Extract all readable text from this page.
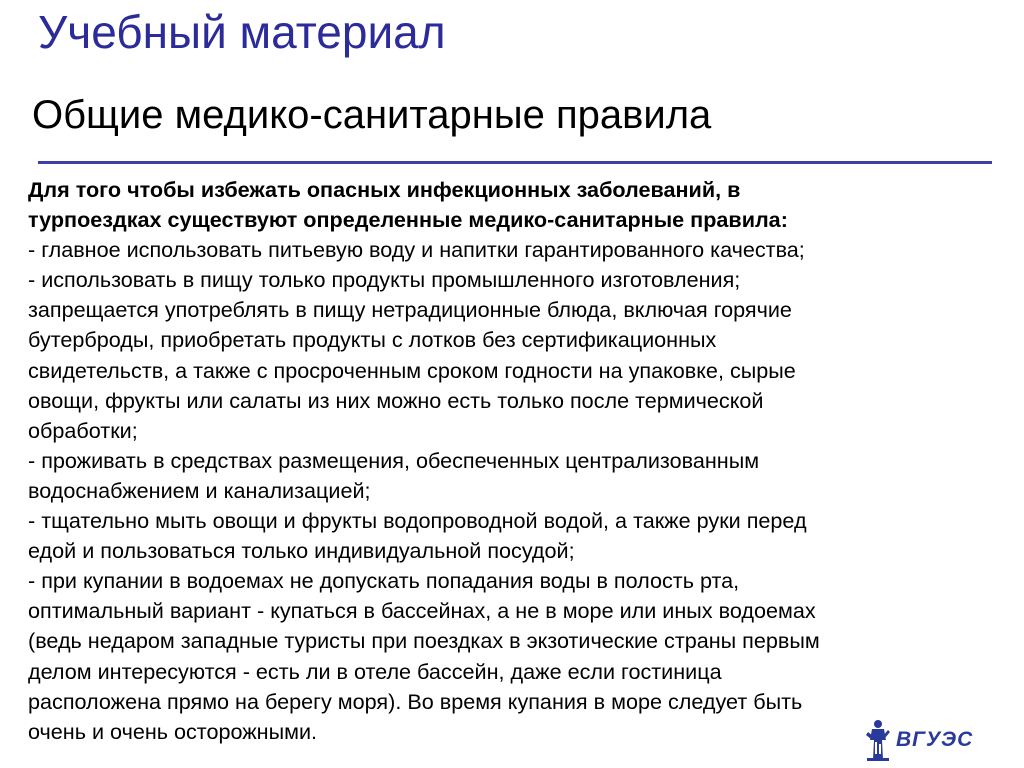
Учебный материал
Общие медико-санитарные правила
Для того чтобы избежать опасных инфекционных заболеваний, в
турпоездках существуют определенные медико-санитарные правила:
- главное использовать питьевую воду и напитки гарантированного качества;
- использовать в пищу только продукты промышленного изготовления;
запрещается употреблять в пищу нетрадиционные блюда, включая горячие
бутерброды, приобретать продукты с лотков без сертификационных
свидетельств, а также с просроченным сроком годности на упаковке, сырые
овощи, фрукты или салаты из них можно есть только после термической
обработки;
- проживать в средствах размещения, обеспеченных централизованным
водоснабжением и канализацией;
- тщательно мыть овощи и фрукты водопроводной водой, а также руки перед
едой и пользоваться только индивидуальной посудой;
- при купании в водоемах не допускать попадания воды в полость рта,
оптимальный вариант - купаться в бассейнах, а не в море или иных водоемах
(ведь недаром западные туристы при поездках в экзотические страны первым
делом интересуются - есть ли в отеле бассейн, даже если гостиница
расположена прямо на берегу моря). Во время купания в море следует быть
очень и очень осторожными.	ВГУЭС
